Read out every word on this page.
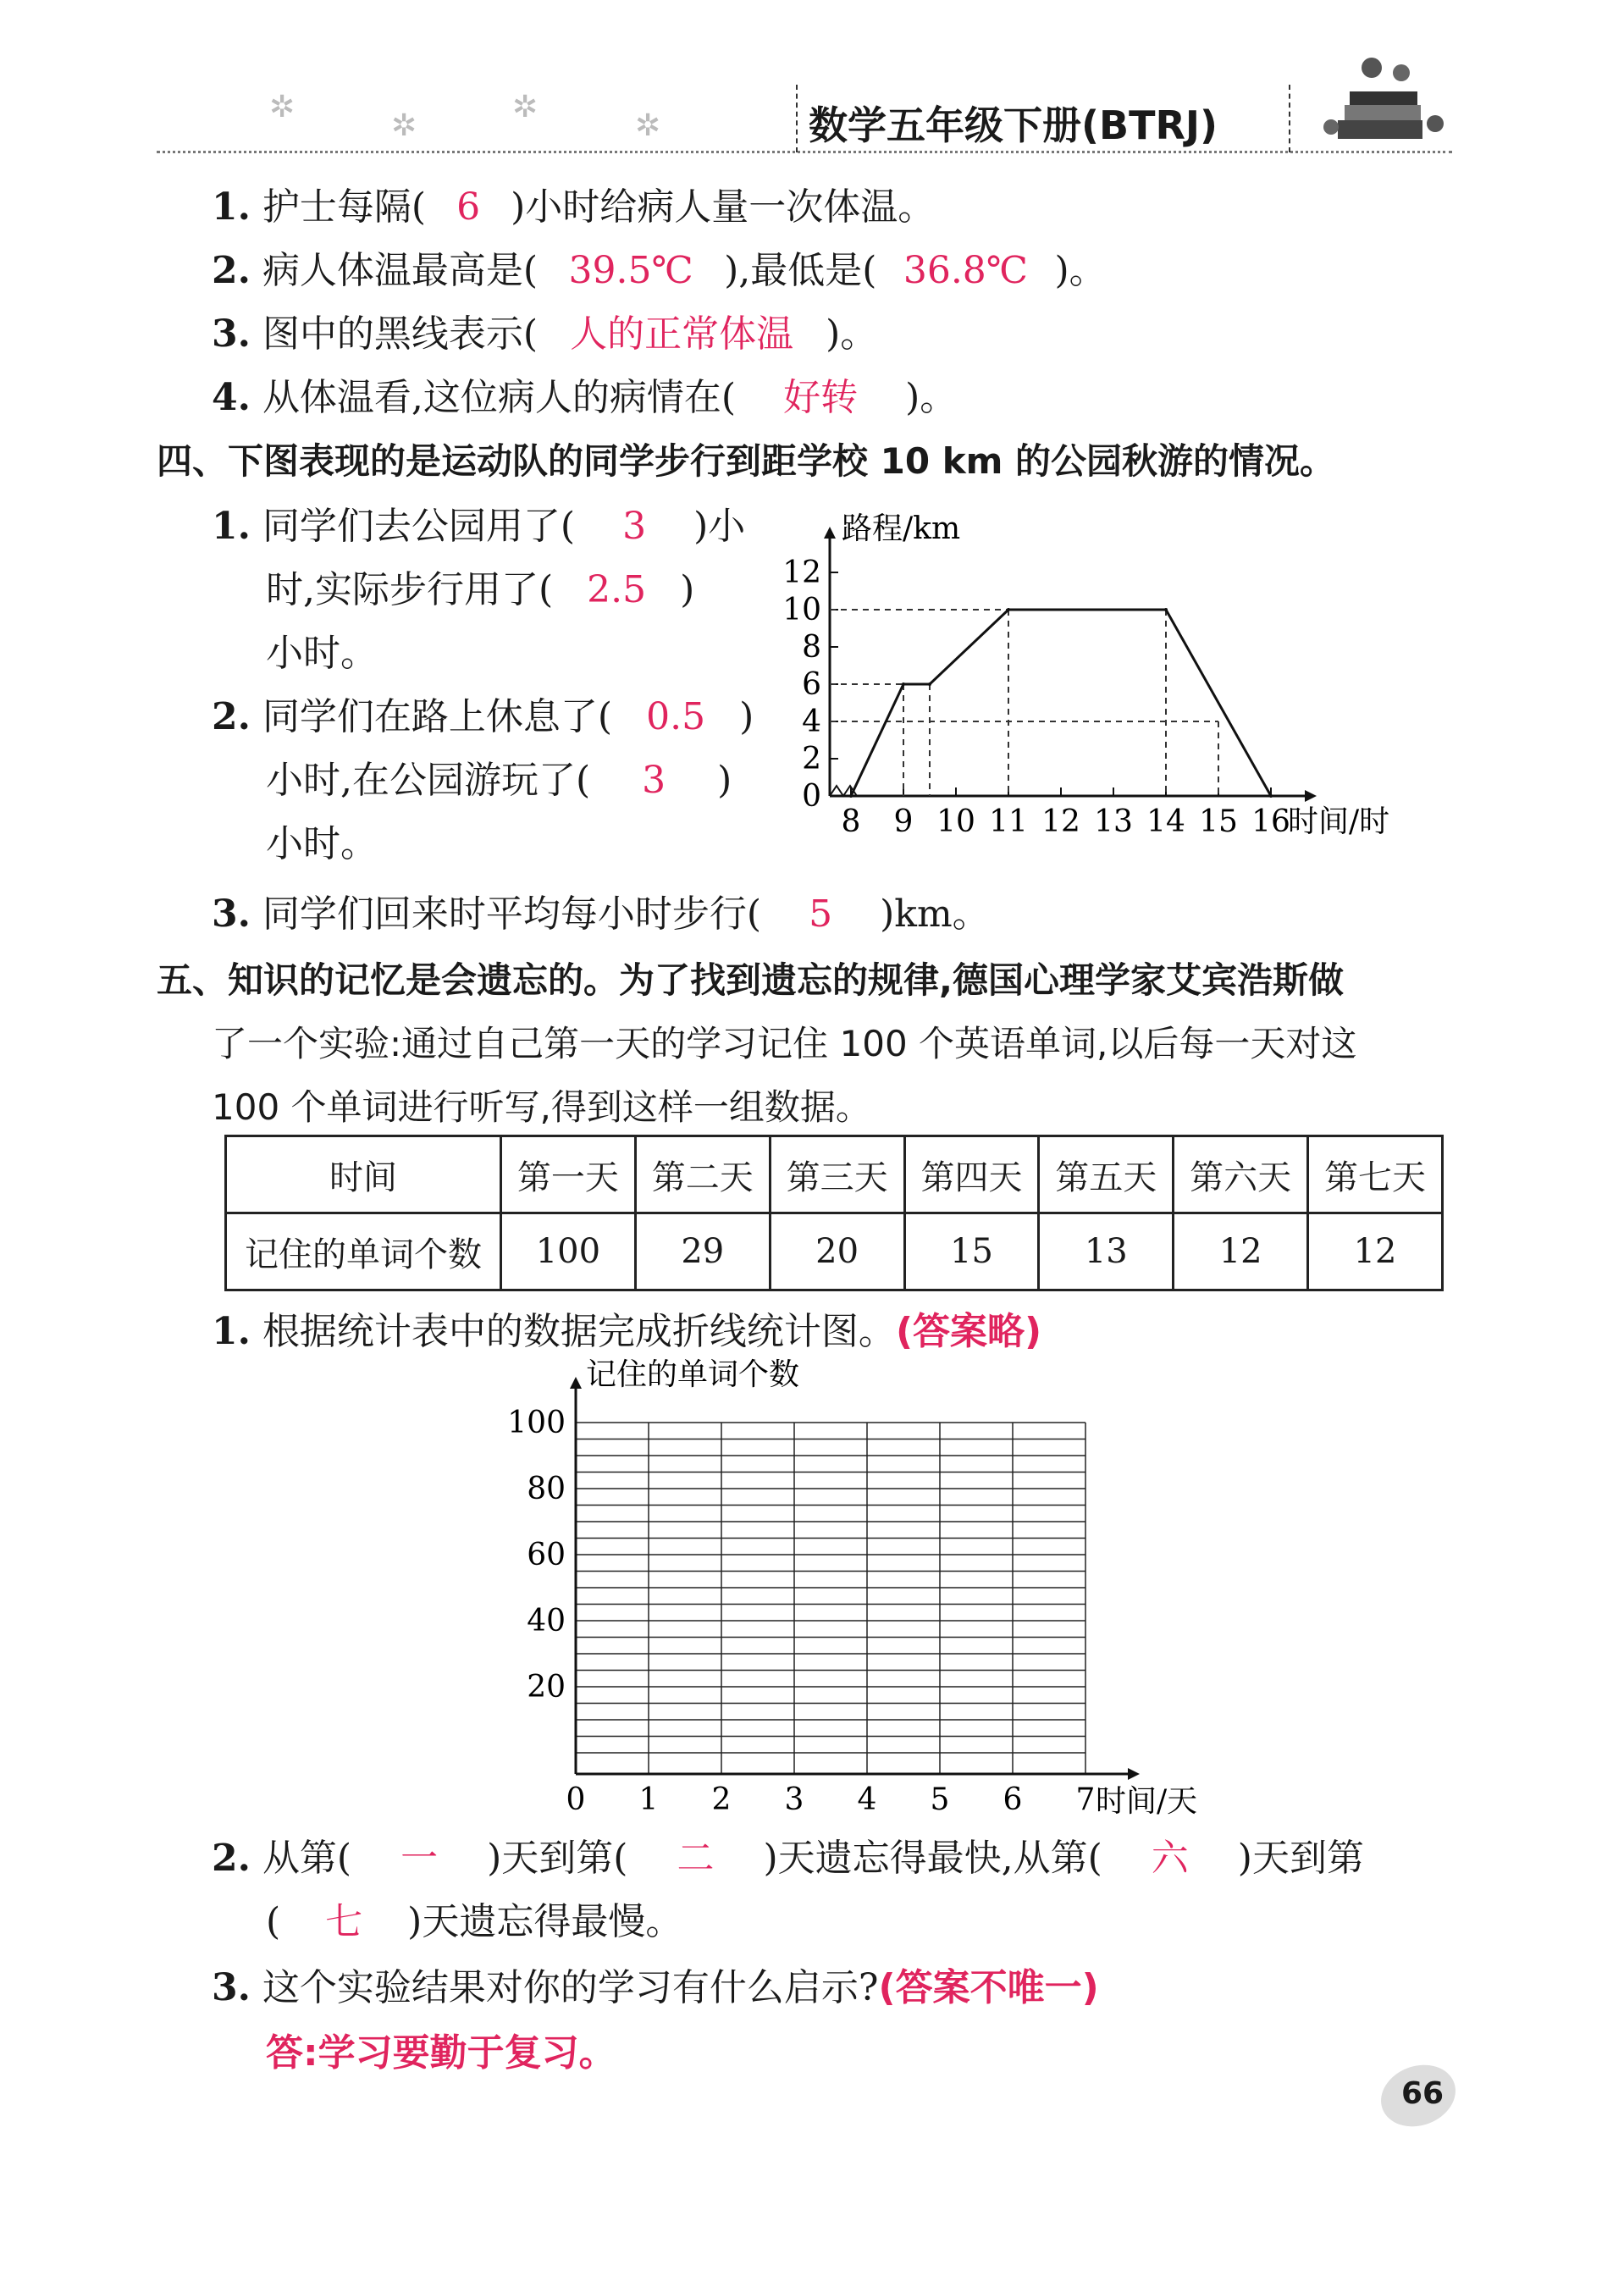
✲
✲
✲
✲	数学五年级下册(BTRJ)
1. 护士每隔( 6 )小时给病人量一次体温。
2. 病人体温最高是( 39.5℃ ),最低是( 36.8℃ )。
3. 图中的黑线表示( 人的正常体温 )。
4. 从体温看,这位病人的病情在( 好转 )。
四、下图表现的是运动队的同学步行到距学校 10 km 的公园秋游的情况。
1. 同学们去公园用了( 3 )小
时,实际步行用了( 2.5 )
小时。
2. 同学们在路上休息了( 0.5 )
小时,在公园游玩了( 3 )
小时。
3. 同学们回来时平均每小时步行( 5 )km。
0
2
4
6
8
10
12
8 9 10 11 12 13 14 15 16
路程/km
时间/时
五、知识的记忆是会遗忘的。为了找到遗忘的规律,德国心理学家艾宾浩斯做
了一个实验:通过自己第一天的学习记住 100 个英语单词,以后每一天对这
100 个单词进行听写,得到这样一组数据。
时间	第一天	第二天	第三天	第四天	第五天	第六天	第七天
记住的单词个数	100	29	20	15	13	12	12
1. 根据统计表中的数据完成折线统计图。(答案略)
20
40
60
80
100
0 1 2 3 4 5 6 7
记住的单词个数
时间/天
2. 从第( 一 )天到第( 二 )天遗忘得最快,从第( 六 )天到第
( 七 )天遗忘得最慢。
3. 这个实验结果对你的学习有什么启示?(答案不唯一)
答:学习要勤于复习。
66
